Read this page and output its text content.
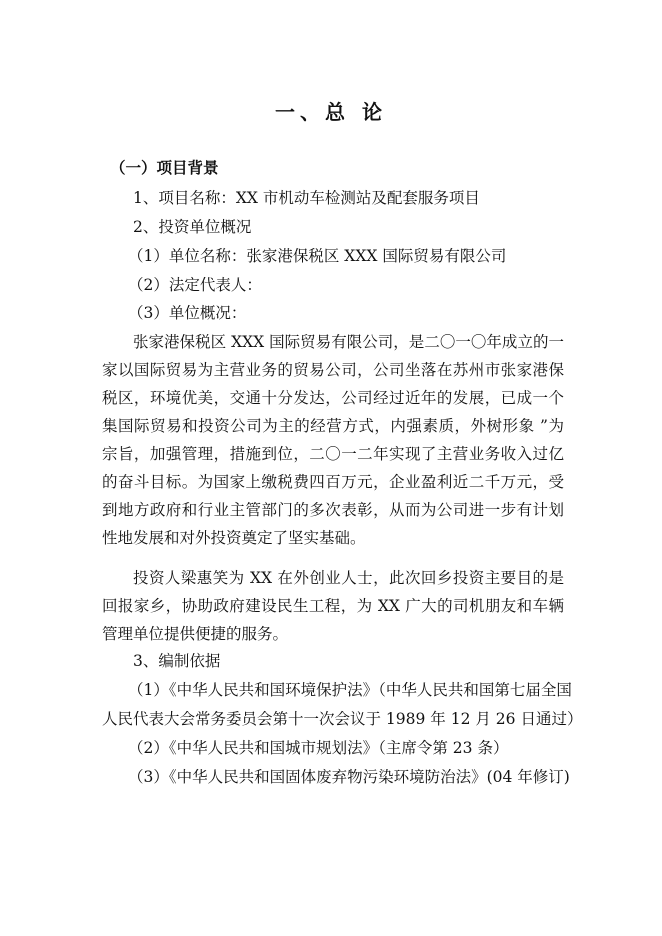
一、总 论
（一）项目背景
1、项目名称：XX 市机动车检测站及配套服务项目
2、投资单位概况
（1）单位名称：张家港保税区 XXX 国际贸易有限公司
（2）法定代表人：
（3）单位概况：
张家港保税区 XXX 国际贸易有限公司，是二〇一〇年成立的一家以国际贸易为主营业务的贸易公司，公司坐落在苏州市张家港保税区，环境优美，交通十分发达，公司经过近年的发展，已成一个集国际贸易和投资公司为主的经营方式，内强素质，外树形象 ”为宗旨，加强管理，措施到位，二〇一二年实现了主营业务收入过亿的奋斗目标。为国家上缴税费四百万元，企业盈利近二千万元，受到地方政府和行业主管部门的多次表彰，从而为公司进一步有计划性地发展和对外投资奠定了坚实基础。
投资人梁惠笑为 XX 在外创业人士，此次回乡投资主要目的是回报家乡，协助政府建设民生工程，为 XX 广大的司机朋友和车辆管理单位提供便捷的服务。
3、编制依据
（1）《中华人民共和国环境保护法》（中华人民共和国第七届全国
人民代表大会常务委员会第十一次会议于 1989 年 12 月 26 日通过）
（2）《中华人民共和国城市规划法》（主席令第 23 条）
（3）《中华人民共和国固体废弃物污染环境防治法》(04 年修订)
